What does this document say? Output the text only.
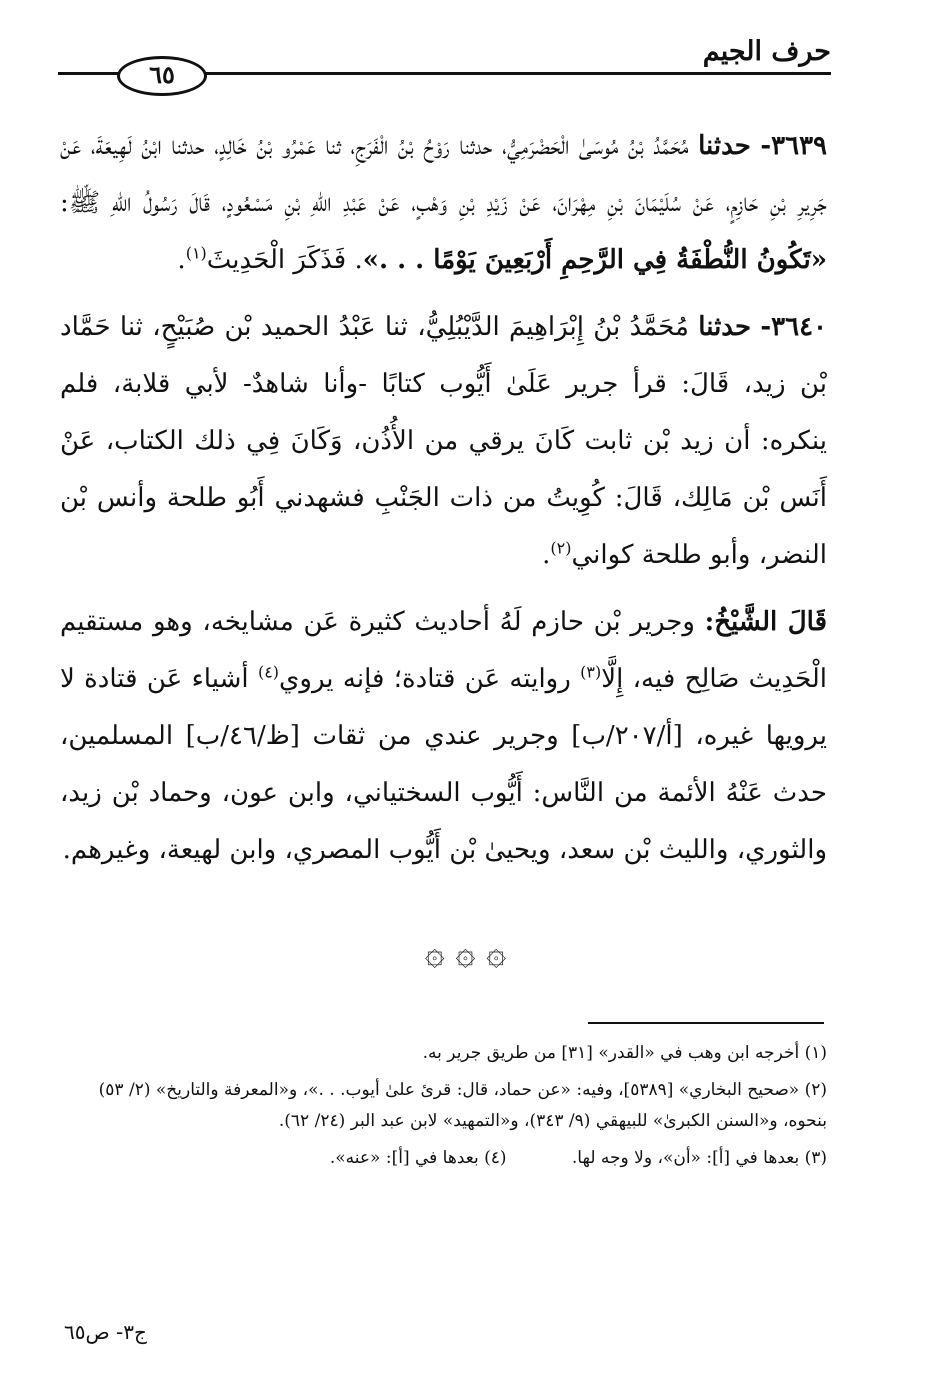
حرف الجيم
٦٥

٣٦٣٩- حدثنا مُحَمَّدُ بْنُ مُوسَىٰ الْحَضْرَمِيُّ، حدثنا رَوْحُ بْنُ الْفَرَجِ، ثنا عَمْرُو بْنُ خَالِدٍ، حدثنا ابْنُ لَهِيعَةَ، عَنْ جَرِيرِ بْنِ حَازِمٍ، عَنْ سُلَيْمَانَ بْنِ مِهْرَانَ، عَنْ زَيْدِ بْنِ وَهْبٍ، عَنْ عَبْدِ اللهِ بْنِ مَسْعُودٍ، قَالَ رَسُولُ اللهِ ﷺ: «تَكُونُ النُّطْفَةُ فِي الرَّحِمِ أَرْبَعِينَ يَوْمًا . . .». فَذَكَرَ الْحَدِيثَ$^{(١)}$.

٣٦٤٠- حدثنا مُحَمَّدُ بْنُ إِبْرَاهِيمَ الدَّيْبُلِيُّ، ثنا عَبْدُ الحميد بْن صُبَيْحٍ، ثنا حَمَّاد بْن زيد، قَالَ: قرأ جرير عَلَىٰ أَيُّوب كتابًا -وأنا شاهدٌ- لأبي قلابة، فلم ينكره: أن زيد بْن ثابت كَانَ يرقي من الأُذُن، وَكَانَ فِي ذلك الكتاب، عَنْ أَنَس بْن مَالِك، قَالَ: كُوِيتُ من ذات الجَنْبِ فشهدني أَبُو طلحة وأنس بْن النضر، وأبو طلحة كواني$^{(٢)}$.

قَالَ الشَّيْخُ: وجرير بْن حازم لَهُ أحاديث كثيرة عَن مشايخه، وهو مستقيم الْحَدِيث صَالِح فيه، إِلَّا$^{(٣)}$ روايته عَن قتادة؛ فإنه يروي$^{(٤)}$ أشياء عَن قتادة لا يرويها غيره، [أ/٢٠٧/ب] وجرير عندي من ثقات [ظ/٤٦/ب] المسلمين، حدث عَنْهُ الأئمة من النَّاس: أَيُّوب السختياني، وابن عون، وحماد بْن زيد، والثوري، والليث بْن سعد، ويحيىٰ بْن أَيُّوب المصري، وابن لهيعة، وغيرهم.

۞ ۞ ۞

(١) أخرجه ابن وهب في «القدر» [٣١] من طريق جرير به.

(٢) «صحيح البخاري» [٥٣٨٩]، وفيه: «عن حماد، قال: قرئ علىٰ أيوب. . .»، و«المعرفة والتاريخ» (٢/ ٥٣) بنحوه، و«السنن الكبرىٰ» للبيهقي (٩/ ٣٤٣)، و«التمهيد» لابن عبد البر (٢٤/ ٦٢).

(٣) بعدها في [أ]: «أن»، ولا وجه لها. (٤) بعدها في [أ]: «عنه».

ج٣- ص٦٥
